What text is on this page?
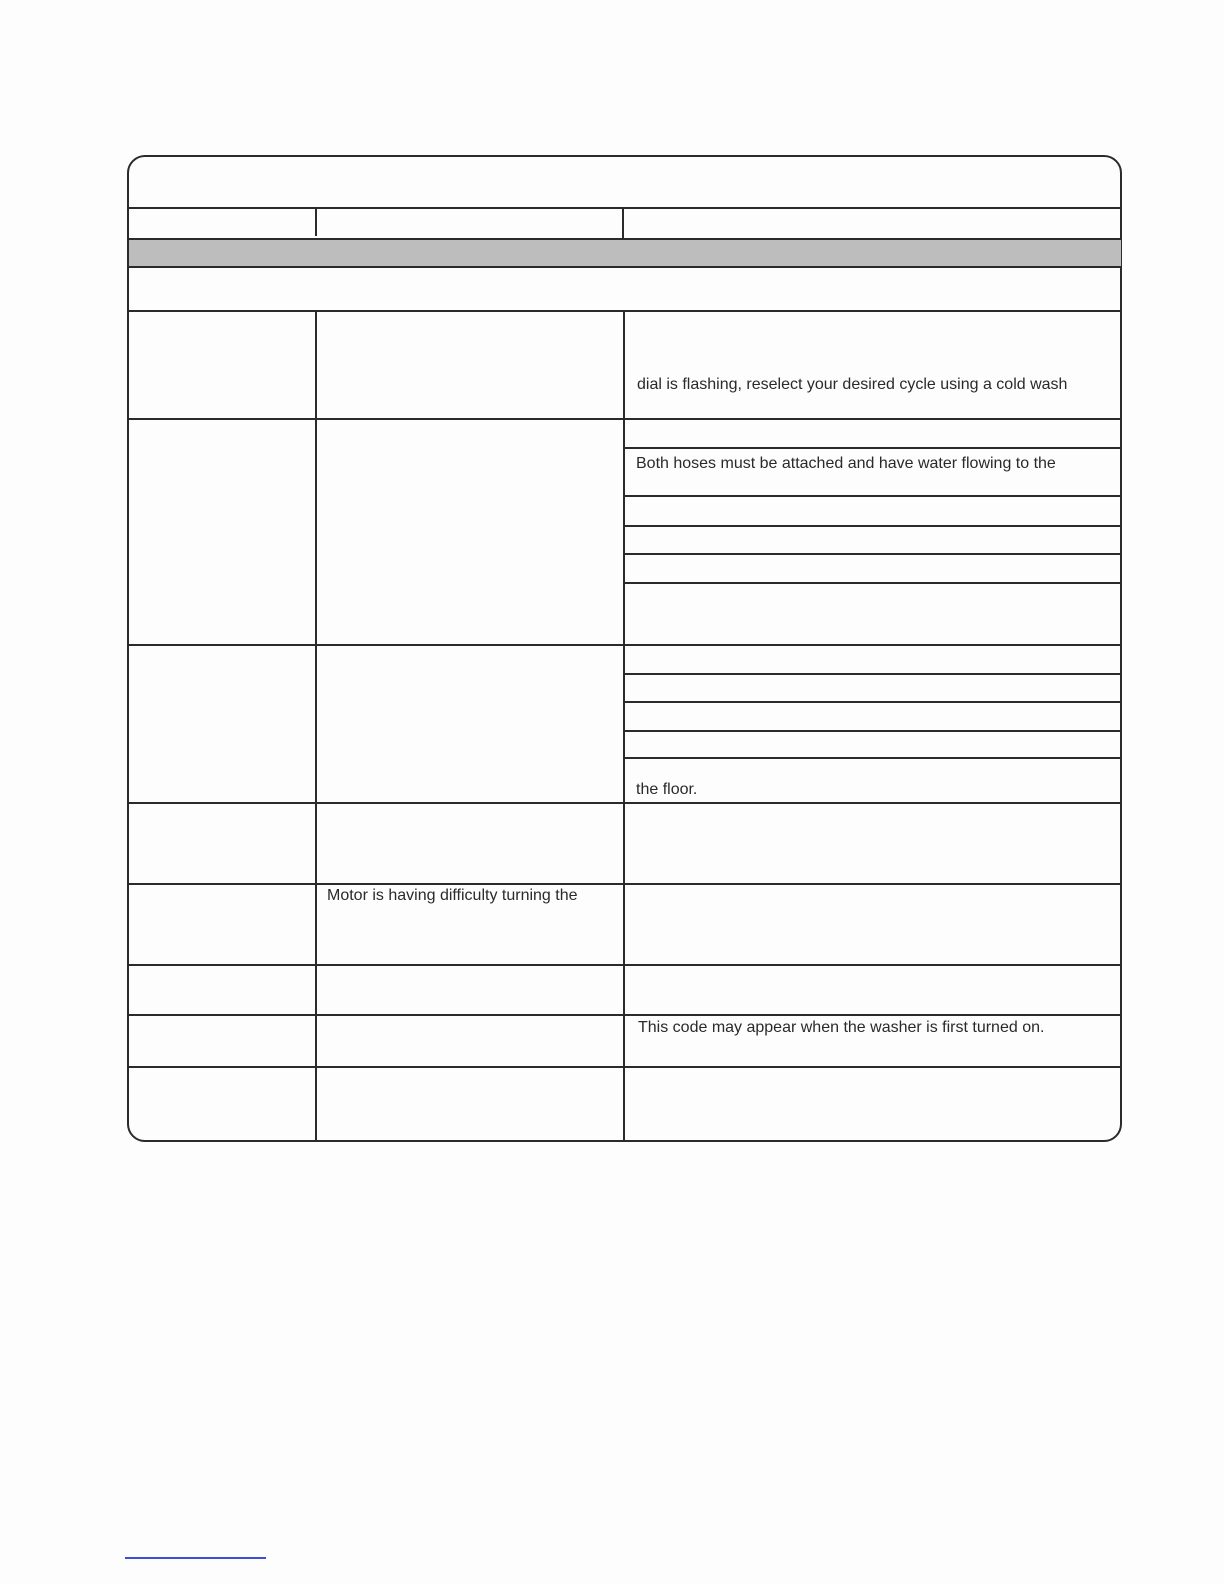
dial is flashing, reselect your desired cycle using a cold wash
Both hoses must be attached and have water flowing to the
the floor.
Motor is having difficulty turning the
This code may appear when the washer is first turned on.
